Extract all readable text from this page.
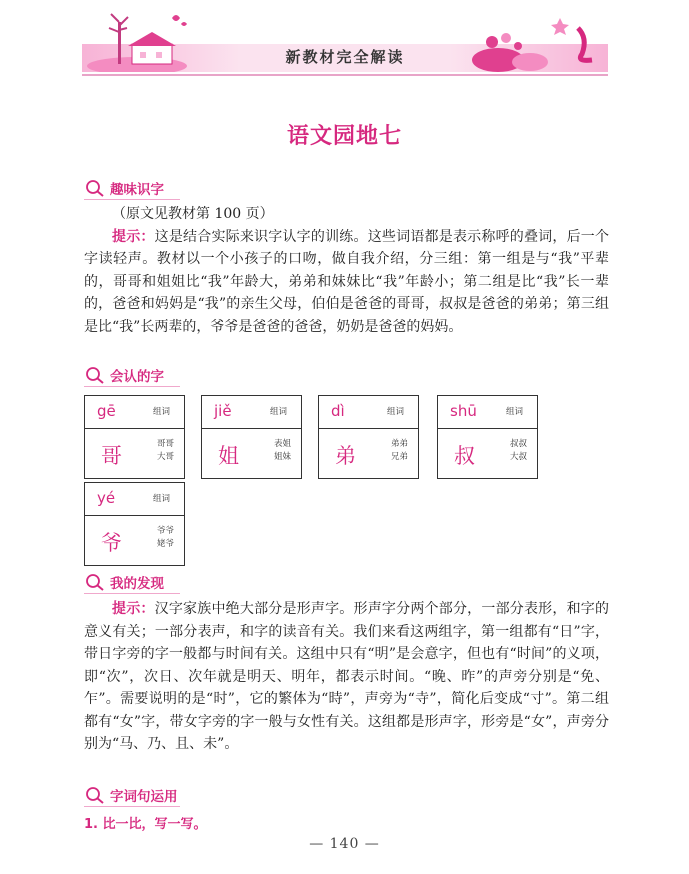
新教材完全解读
语文园地七
趣味识字
（原文见教材第 100 页）
提示：这是结合实际来识字认字的训练。这些词语都是表示称呼的叠词，后一个字读轻声。教材以一个小孩子的口吻，做自我介绍，分三组：第一组是与“我”平辈的，哥哥和姐姐比“我”年龄大，弟弟和妹妹比“我”年龄小；第二组是比“我”长一辈的，爸爸和妈妈是“我”的亲生父母，伯伯是爸爸的哥哥，叔叔是爸爸的弟弟；第三组是比“我”长两辈的，爷爷是爸爸的爸爸，奶奶是爸爸的妈妈。
会认的字
gē	组词
哥	哥哥
大哥
jiě	组词
姐	表姐
姐妹
dì	组词
弟	弟弟
兄弟
shū	组词
叔	叔叔
大叔
yé	组词
爷	爷爷
姥爷
我的发现
提示：汉字家族中绝大部分是形声字。形声字分两个部分，一部分表形，和字的意义有关；一部分表声，和字的读音有关。我们来看这两组字，第一组都有“日”字，带日字旁的字一般都与时间有关。这组中只有“明”是会意字，但也有“时间”的义项，即“次”，次日、次年就是明天、明年，都表示时间。“晚、昨”的声旁分别是“免、乍”。需要说明的是“时”，它的繁体为“時”，声旁为“寺”，简化后变成“寸”。第二组都有“女”字，带女字旁的字一般与女性有关。这组都是形声字，形旁是“女”，声旁分别为“马、乃、且、未”。
字词句运用
1. 比一比，写一写。
— 140 —
